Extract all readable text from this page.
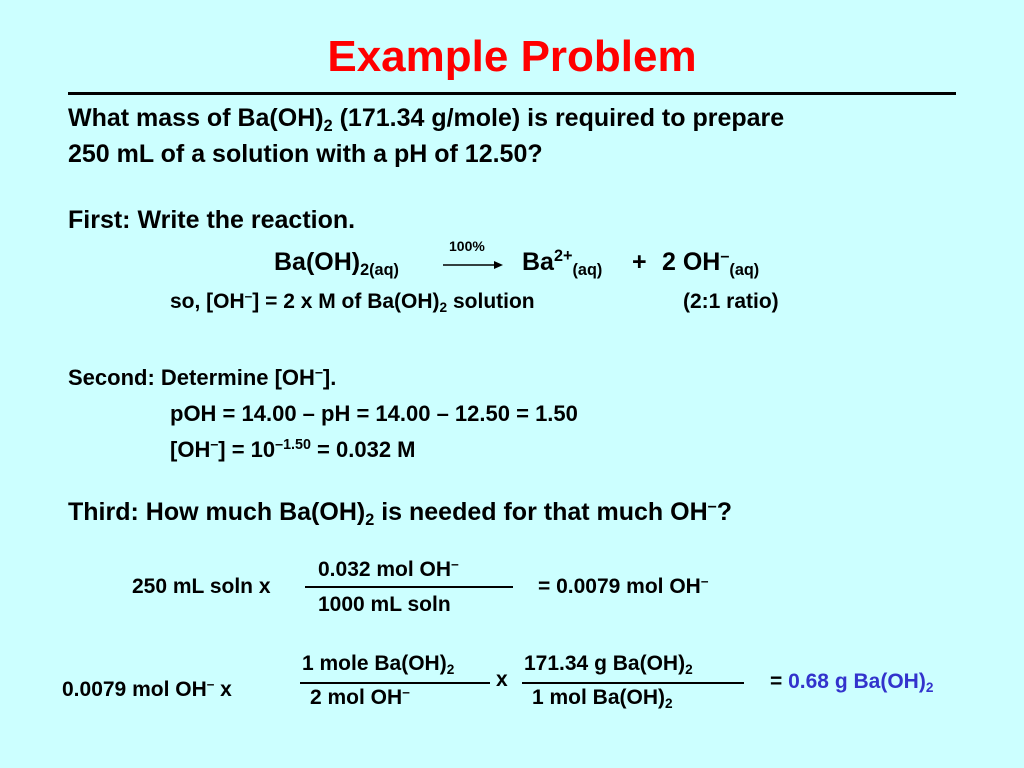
Example Problem
What mass of $Ba(OH)_2$ (171.34 g/mole) is required to prepare
250 mL of a solution with a pH of 12.50?
First: Write the reaction.
$Ba(OH)_{2(aq)}$
100%
→ $Ba^{2+}_{(aq)} + 2$ $OH^-_{(aq)}$
so, [OH–] = 2 x M of $Ba(OH)_2$ solution	(2:1 ratio)
Second: Determine [OH–].
pOH = 14.00 – pH = 14.00 – 12.50 = 1.50
$[OH^-] = 10^{-1.50} = 0.032$ M
Third: How much $Ba(OH)_2$ is needed for that much OH–?
250 mL soln x
0.032 mol OH–
1000 mL soln
= 0.0079 mol OH–
0.0079 mol OH– x
1 mole $Ba(OH)_2$
2 mol OH–
x
171.34 g $Ba(OH)_2$
1 mol $Ba(OH)_2$
= 0.68 g $Ba(OH)_2$
